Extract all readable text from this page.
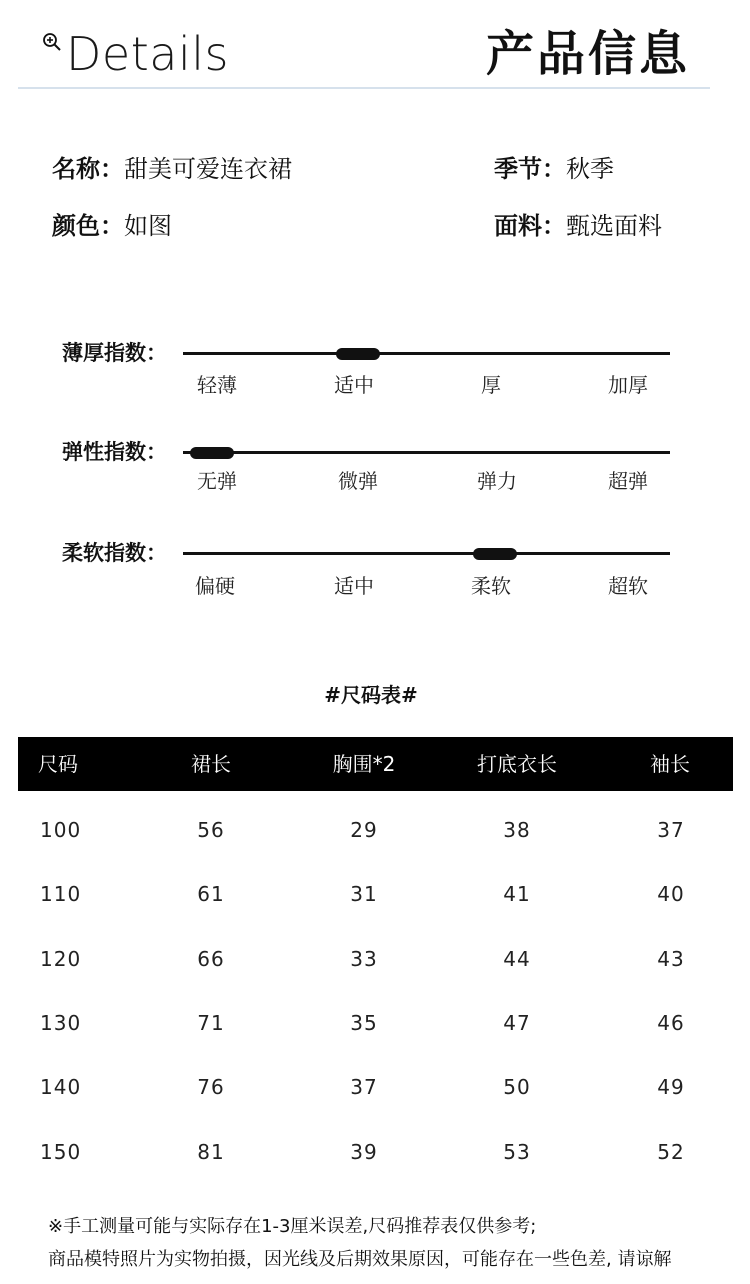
Details	产品信息
名称：甜美可爱连衣裙	季节：秋季
颜色：如图	面料：甄选面料
薄厚指数：
轻薄	适中	厚	加厚
弹性指数：
无弹	微弹	弹力	超弹
柔软指数：
偏硬	适中	柔软	超软
#尺码表#
尺码	裙长	胸围*2	打底衣长	袖长
100	56	29	38	37
110	61	31	41	40
120	66	33	44	43
130	71	35	47	46
140	76	37	50	49
150	81	39	53	52
※手工测量可能与实际存在1-3厘米误差,尺码推荐表仅供参考;
商品模特照片为实物拍摄，因光线及后期效果原因，可能存在一些色差, 请谅解
